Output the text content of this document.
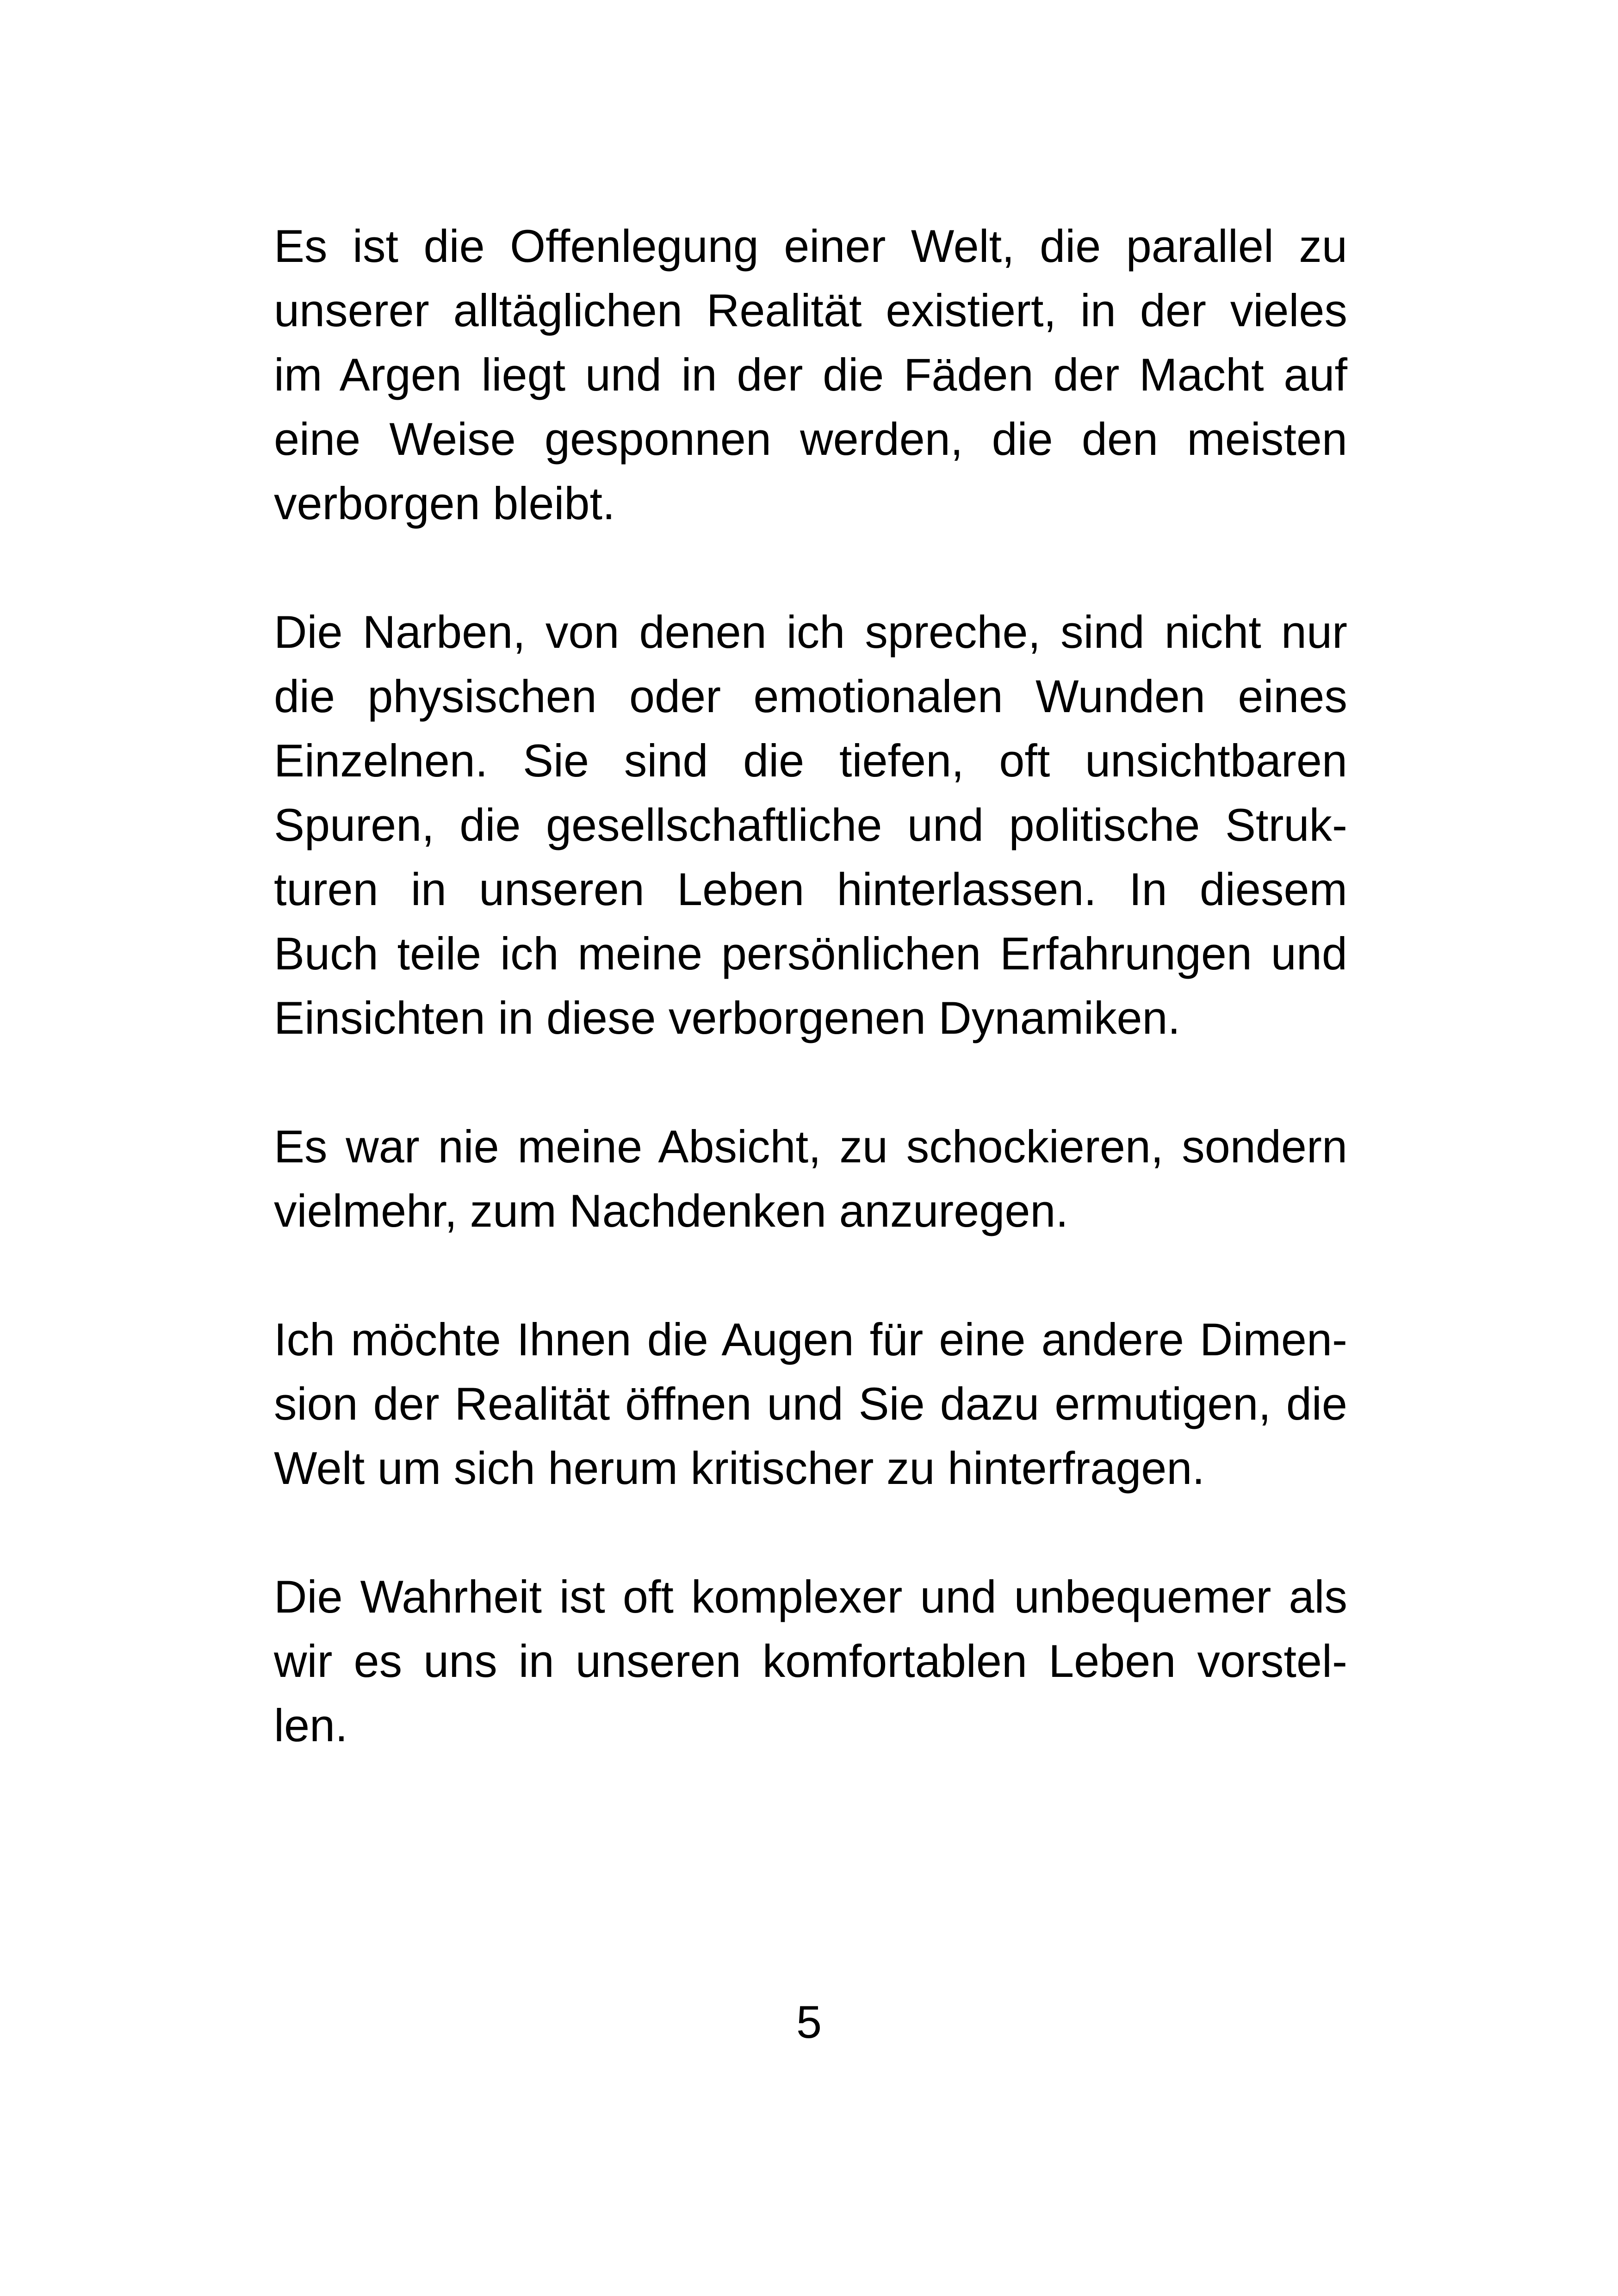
Es ist die Offenlegung einer Welt, die parallel zu
unserer alltäglichen Realität existiert, in der vieles
im Argen liegt und in der die Fäden der Macht auf
eine Weise gesponnen werden, die den meisten
verborgen bleibt.

Die Narben, von denen ich spreche, sind nicht nur
die physischen oder emotionalen Wunden eines
Einzelnen. Sie sind die tiefen, oft unsichtbaren
Spuren, die gesellschaftliche und politische Struk-
turen in unseren Leben hinterlassen. In diesem
Buch teile ich meine persönlichen Erfahrungen und
Einsichten in diese verborgenen Dynamiken.

Es war nie meine Absicht, zu schockieren, sondern
vielmehr, zum Nachdenken anzuregen.

Ich möchte Ihnen die Augen für eine andere Dimen-
sion der Realität öffnen und Sie dazu ermutigen, die
Welt um sich herum kritischer zu hinterfragen.

Die Wahrheit ist oft komplexer und unbequemer als
wir es uns in unseren komfortablen Leben vorstel-
len.

5
